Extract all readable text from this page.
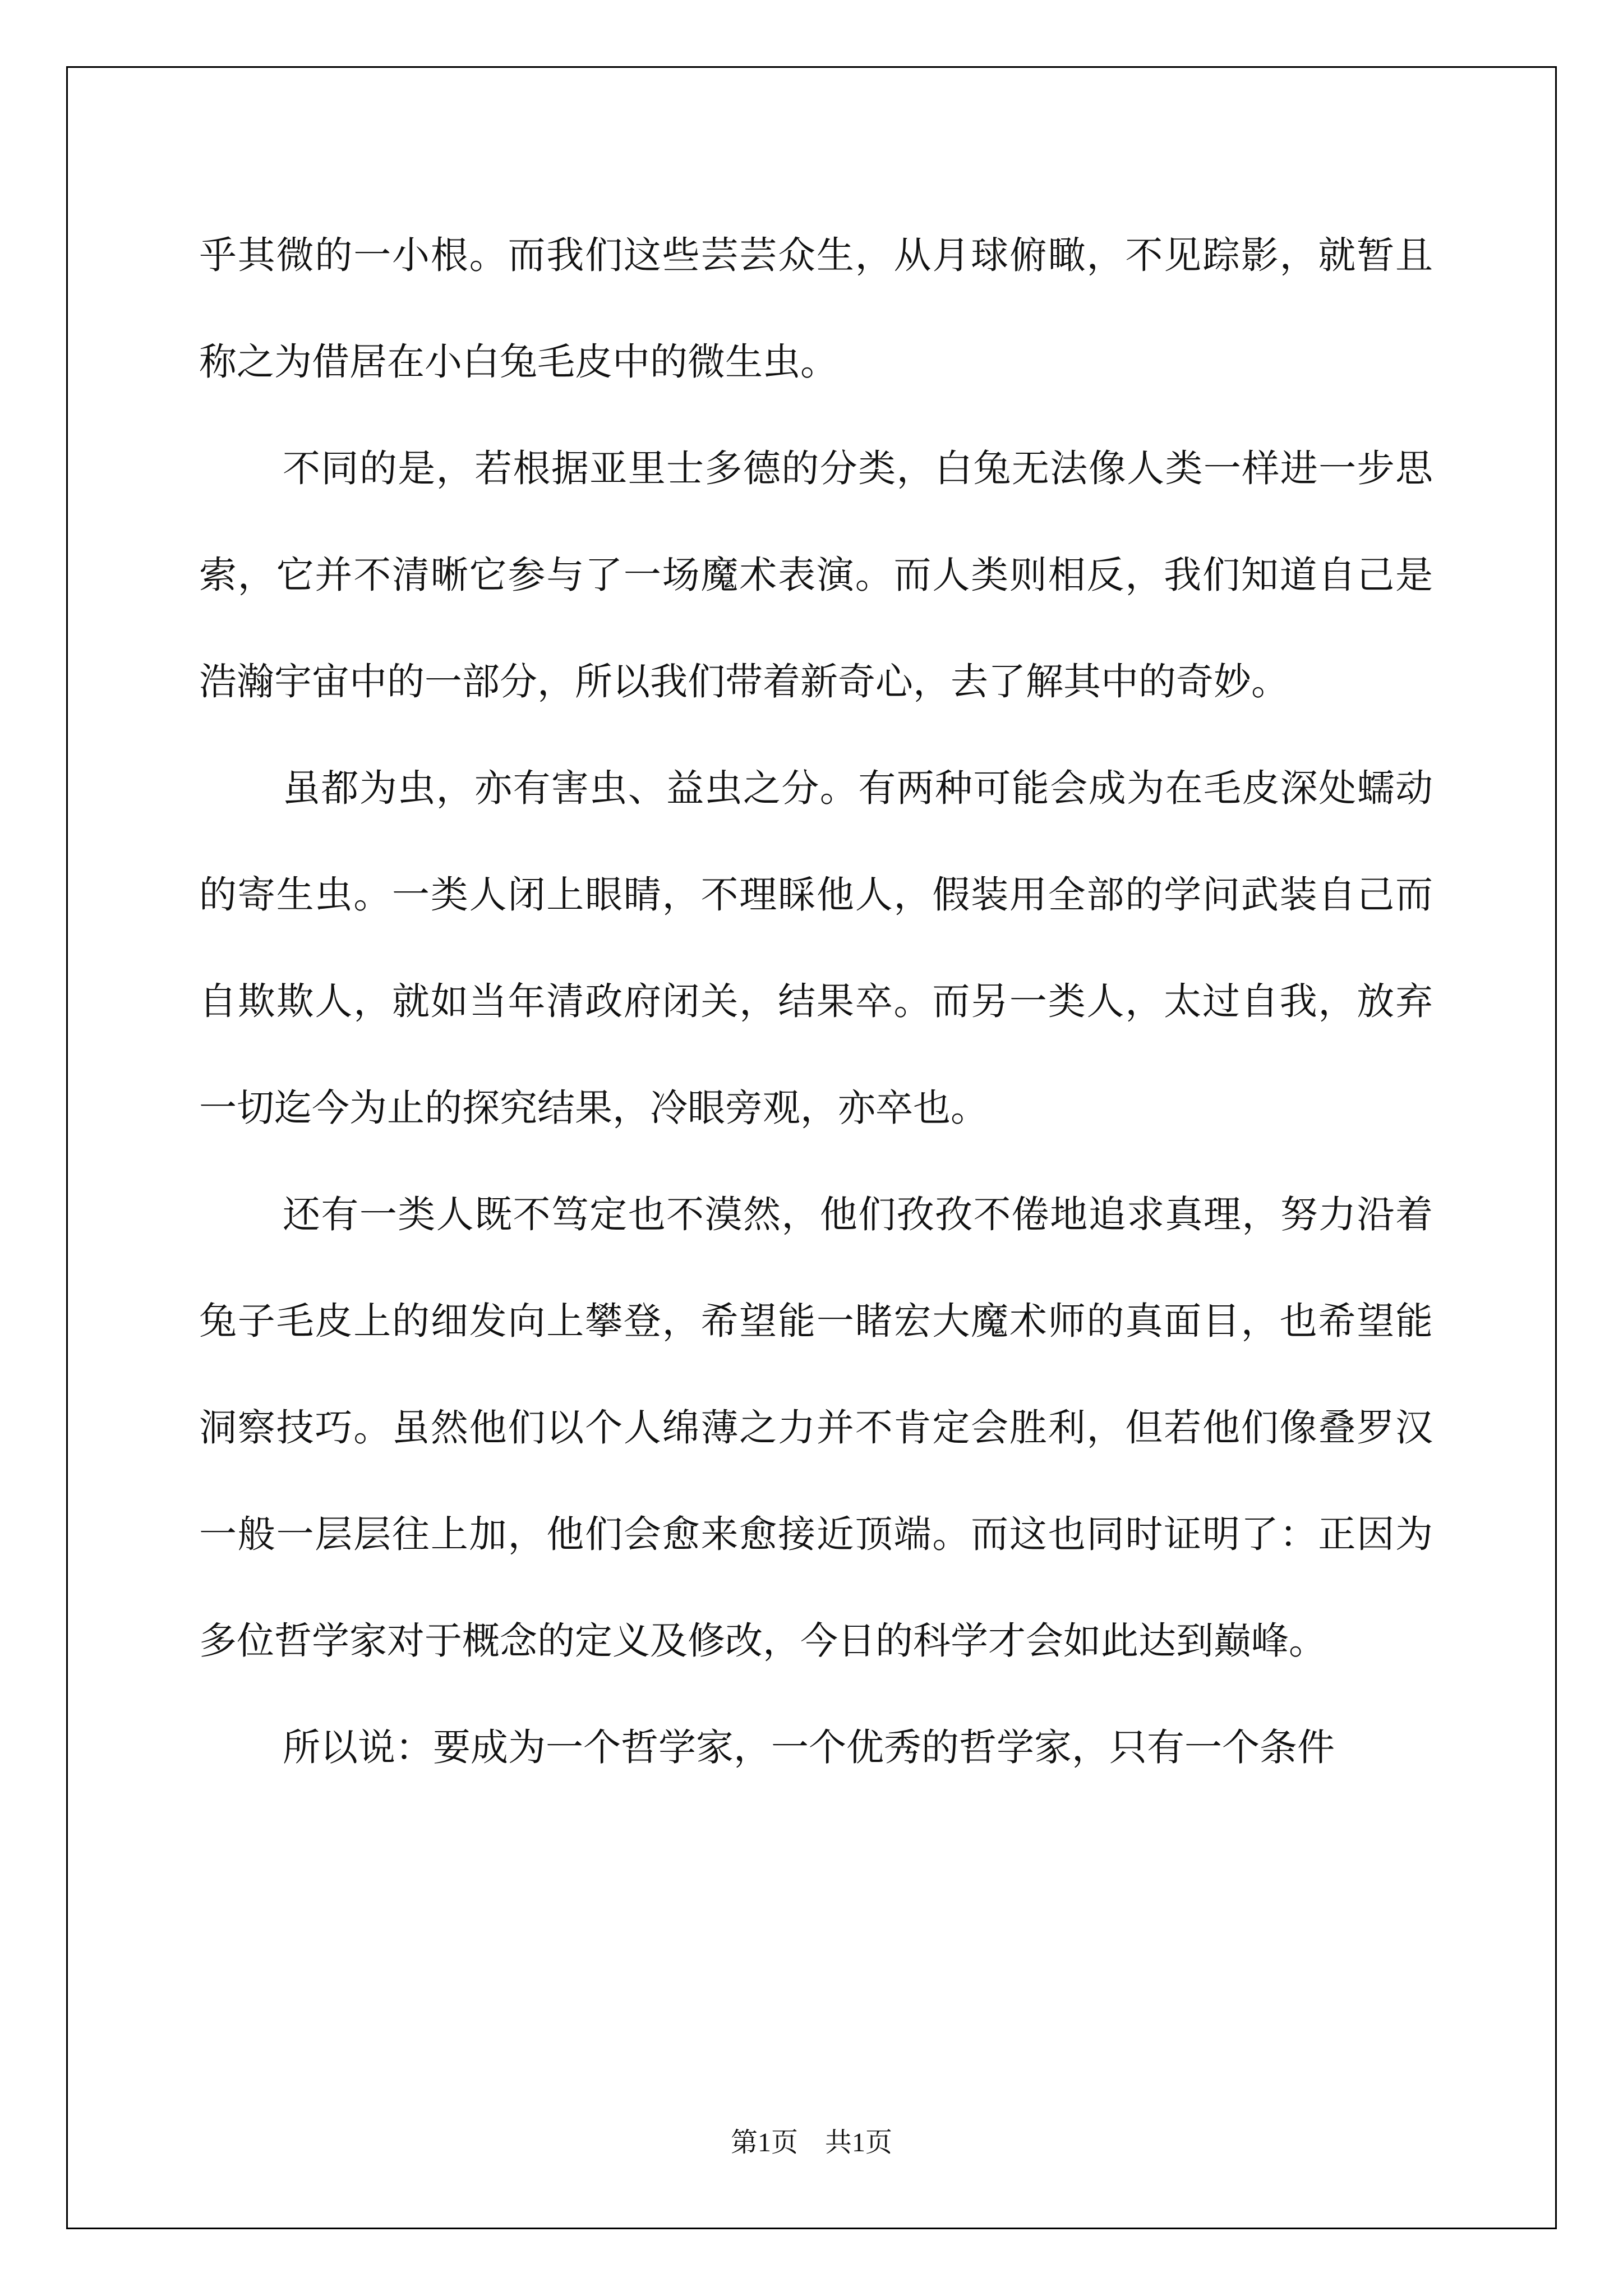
乎其微的一小根。而我们这些芸芸众生，从月球俯瞰，不见踪影，就暂且称之为借居在小白兔毛皮中的微生虫。

不同的是，若根据亚里士多德的分类，白兔无法像人类一样进一步思索，它并不清晰它参与了一场魔术表演。而人类则相反，我们知道自己是浩瀚宇宙中的一部分，所以我们带着新奇心，去了解其中的奇妙。

虽都为虫，亦有害虫、益虫之分。有两种可能会成为在毛皮深处蠕动的寄生虫。一类人闭上眼睛，不理睬他人，假装用全部的学问武装自己而自欺欺人，就如当年清政府闭关，结果卒。而另一类人，太过自我，放弃一切迄今为止的探究结果，冷眼旁观，亦卒也。

还有一类人既不笃定也不漠然，他们孜孜不倦地追求真理，努力沿着兔子毛皮上的细发向上攀登，希望能一睹宏大魔术师的真面目，也希望能洞察技巧。虽然他们以个人绵薄之力并不肯定会胜利，但若他们像叠罗汉一般一层层往上加，他们会愈来愈接近顶端。而这也同时证明了：正因为多位哲学家对于概念的定义及修改，今日的科学才会如此达到巅峰。

所以说：要成为一个哲学家，一个优秀的哲学家，只有一个条件

第1页 共1页
